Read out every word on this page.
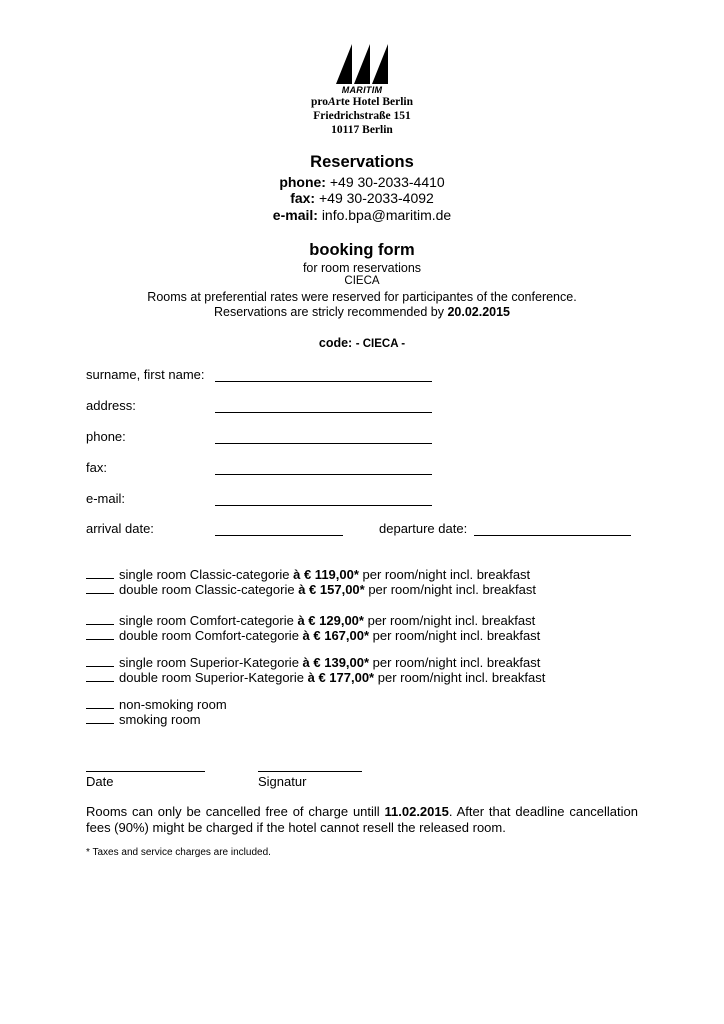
MARITIM
proArte Hotel Berlin
Friedrichstraße 151
10117 Berlin
Reservations
phone: +49 30-2033-4410
fax: +49 30-2033-4092
e-mail: info.bpa@maritim.de
booking form
for room reservations
CIECA
Rooms at preferential rates were reserved for participantes of the conference.
Reservations are stricly recommended by 20.02.2015
code: - CIECA -
surname, first name:
address:
phone:
fax:
e-mail:
arrival date:	departure date:
single room Classic-categorie à € 119,00* per room/night incl. breakfast
double room Classic-categorie à € 157,00* per room/night incl. breakfast
single room Comfort-categorie à € 129,00* per room/night incl. breakfast
double room Comfort-categorie à € 167,00* per room/night incl. breakfast
single room Superior-Kategorie à € 139,00* per room/night incl. breakfast
double room Superior-Kategorie à € 177,00* per room/night incl. breakfast
non-smoking room
smoking room
Date	Signatur
Rooms can only be cancelled free of charge untill 11.02.2015. After that deadline cancellation fees (90%) might be charged if the hotel cannot resell the released room.
* Taxes and service charges are included.
